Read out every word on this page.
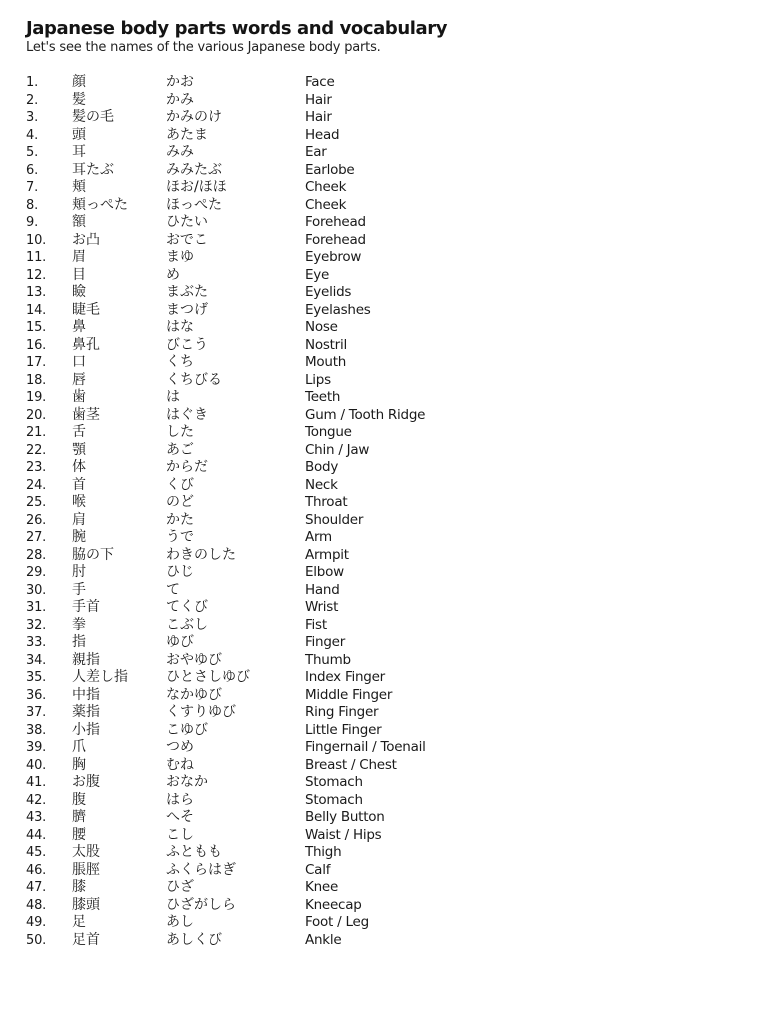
Japanese body parts words and vocabulary
Let's see the names of the various Japanese body parts.
1. 顔	かお	Face
2. 髪	かみ	Hair
3. 髪の毛	かみのけ	Hair
4. 頭	あたま	Head
5. 耳	みみ	Ear
6. 耳たぶ	みみたぶ	Earlobe
7. 頬	ほお/ほほ	Cheek
8. 頬っぺた	ほっぺた	Cheek
9. 額	ひたい	Forehead
10. お凸	おでこ	Forehead
11. 眉	まゆ	Eyebrow
12. 目	め	Eye
13. 瞼	まぶた	Eyelids
14. 睫毛	まつげ	Eyelashes
15. 鼻	はな	Nose
16. 鼻孔	びこう	Nostril
17. 口	くち	Mouth
18. 唇	くちびる	Lips
19. 歯	は	Teeth
20. 歯茎	はぐき	Gum / Tooth Ridge
21. 舌	した	Tongue
22. 顎	あご	Chin / Jaw
23. 体	からだ	Body
24. 首	くび	Neck
25. 喉	のど	Throat
26. 肩	かた	Shoulder
27. 腕	うで	Arm
28. 脇の下	わきのした	Armpit
29. 肘	ひじ	Elbow
30. 手	て	Hand
31. 手首	てくび	Wrist
32. 拳	こぶし	Fist
33. 指	ゆび	Finger
34. 親指	おやゆび	Thumb
35. 人差し指	ひとさしゆび	Index Finger
36. 中指	なかゆび	Middle Finger
37. 薬指	くすりゆび	Ring Finger
38. 小指	こゆび	Little Finger
39. 爪	つめ	Fingernail / Toenail
40. 胸	むね	Breast / Chest
41. お腹	おなか	Stomach
42. 腹	はら	Stomach
43. 臍	へそ	Belly Button
44. 腰	こし	Waist / Hips
45. 太股	ふともも	Thigh
46. 脹脛	ふくらはぎ	Calf
47. 膝	ひざ	Knee
48. 膝頭	ひざがしら	Kneecap
49. 足	あし	Foot / Leg
50. 足首	あしくび	Ankle
